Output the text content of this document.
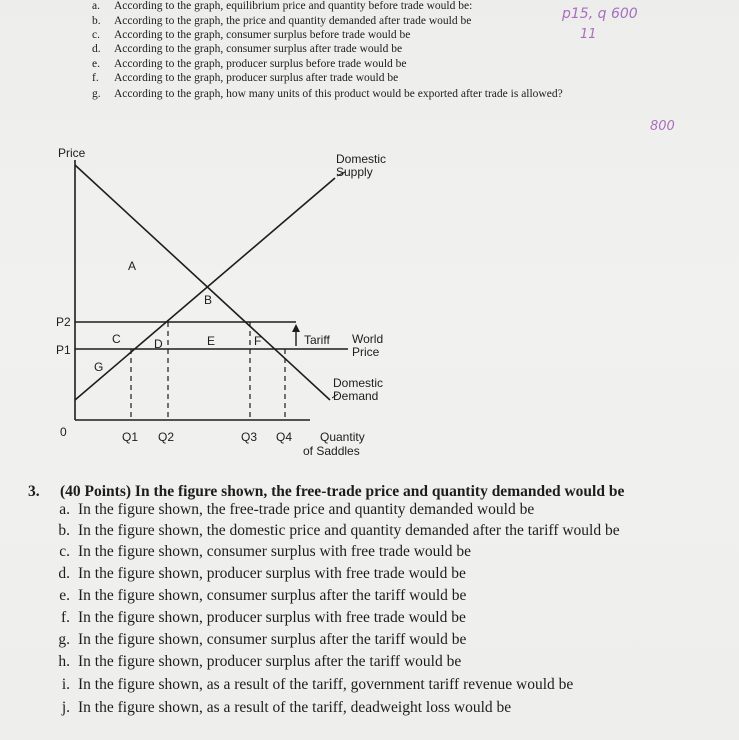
a. According to the graph, equilibrium price and quantity before trade would be:
b. According to the graph, the price and quantity demanded after trade would be
c. According to the graph, consumer surplus before trade would be
d. According to the graph, consumer surplus after trade would be
e. According to the graph, producer surplus before trade would be
f. According to the graph, producer surplus after trade would be
g. According to the graph, how many units of this product would be exported after trade is allowed?
p15, q 600
11
800
Price
0
P2
P1
Q1 Q2	Q3 Q4 Quantity
of Saddles
Domestic
Supply
Domestic
Demand
World
Price
Tariff
A
B
C	D	E	F
G
3. (40 Points) In the figure shown, the free-trade price and quantity demanded would be
a. In the figure shown, the free-trade price and quantity demanded would be
b. In the figure shown, the domestic price and quantity demanded after the tariff would be
c. In the figure shown, consumer surplus with free trade would be
d. In the figure shown, producer surplus with free trade would be
e. In the figure shown, consumer surplus after the tariff would be
f. In the figure shown, producer surplus with free trade would be
g. In the figure shown, consumer surplus after the tariff would be
h. In the figure shown, producer surplus after the tariff would be
i. In the figure shown, as a result of the tariff, government tariff revenue would be
j. In the figure shown, as a result of the tariff, deadweight loss would be
